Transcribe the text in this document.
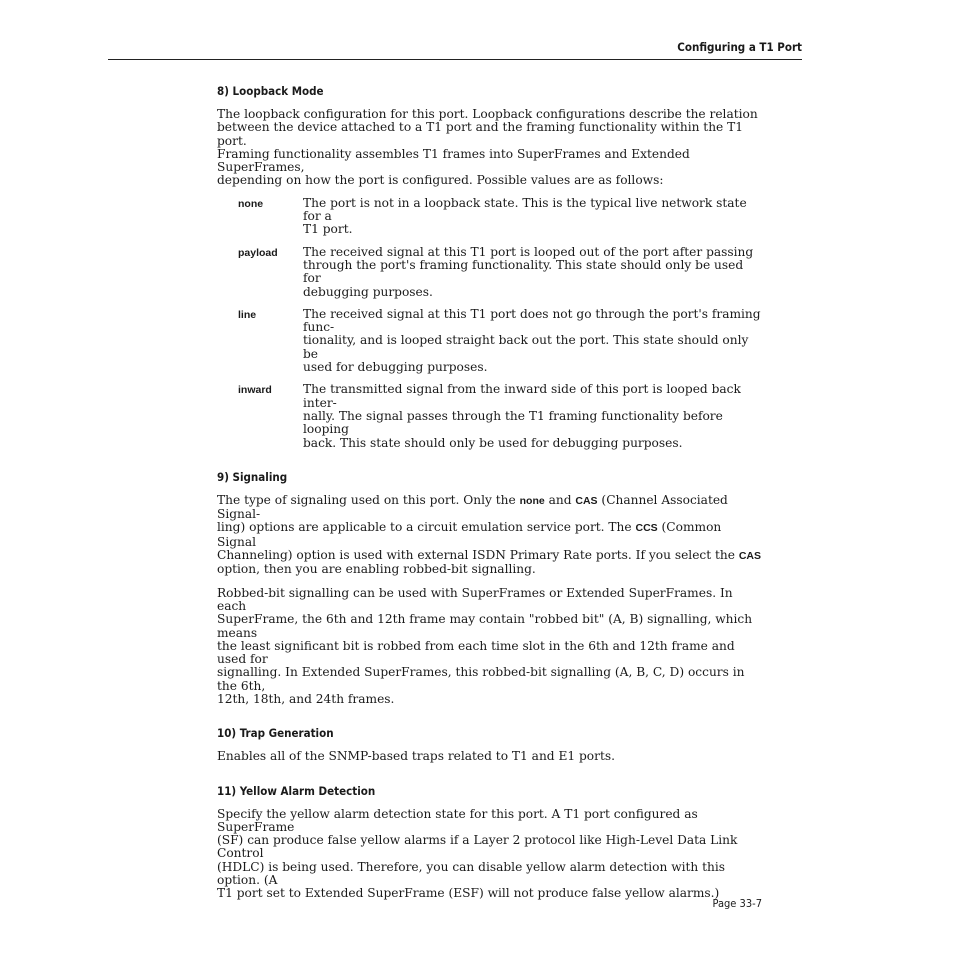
Configuring a T1 Port
8) Loopback Mode

The loopback configuration for this port. Loopback configurations describe the relation
between the device attached to a T1 port and the framing functionality within the T1 port.
Framing functionality assembles T1 frames into SuperFrames and Extended SuperFrames,
depending on how the port is configured. Possible values are as follows:

none	The port is not in a loopback state. This is the typical live network state for a
T1 port.
payload	The received signal at this T1 port is looped out of the port after passing
through the port's framing functionality. This state should only be used for
debugging purposes.
line	The received signal at this T1 port does not go through the port's framing func-
tionality, and is looped straight back out the port. This state should only be
used for debugging purposes.
inward	The transmitted signal from the inward side of this port is looped back inter-
nally. The signal passes through the T1 framing functionality before looping
back. This state should only be used for debugging purposes.
9) Signaling

The type of signaling used on this port. Only the none and CAS (Channel Associated Signal-
ling) options are applicable to a circuit emulation service port. The CCS (Common Signal
Channeling) option is used with external ISDN Primary Rate ports. If you select the CAS
option, then you are enabling robbed-bit signalling.

Robbed-bit signalling can be used with SuperFrames or Extended SuperFrames. In each
SuperFrame, the 6th and 12th frame may contain "robbed bit" (A, B) signalling, which means
the least significant bit is robbed from each time slot in the 6th and 12th frame and used for
signalling. In Extended SuperFrames, this robbed-bit signalling (A, B, C, D) occurs in the 6th,
12th, 18th, and 24th frames.

10) Trap Generation

Enables all of the SNMP-based traps related to T1 and E1 ports.

11) Yellow Alarm Detection

Specify the yellow alarm detection state for this port. A T1 port configured as SuperFrame
(SF) can produce false yellow alarms if a Layer 2 protocol like High-Level Data Link Control
(HDLC) is being used. Therefore, you can disable yellow alarm detection with this option. (A
T1 port set to Extended SuperFrame (ESF) will not produce false yellow alarms.)

Page 33-7
